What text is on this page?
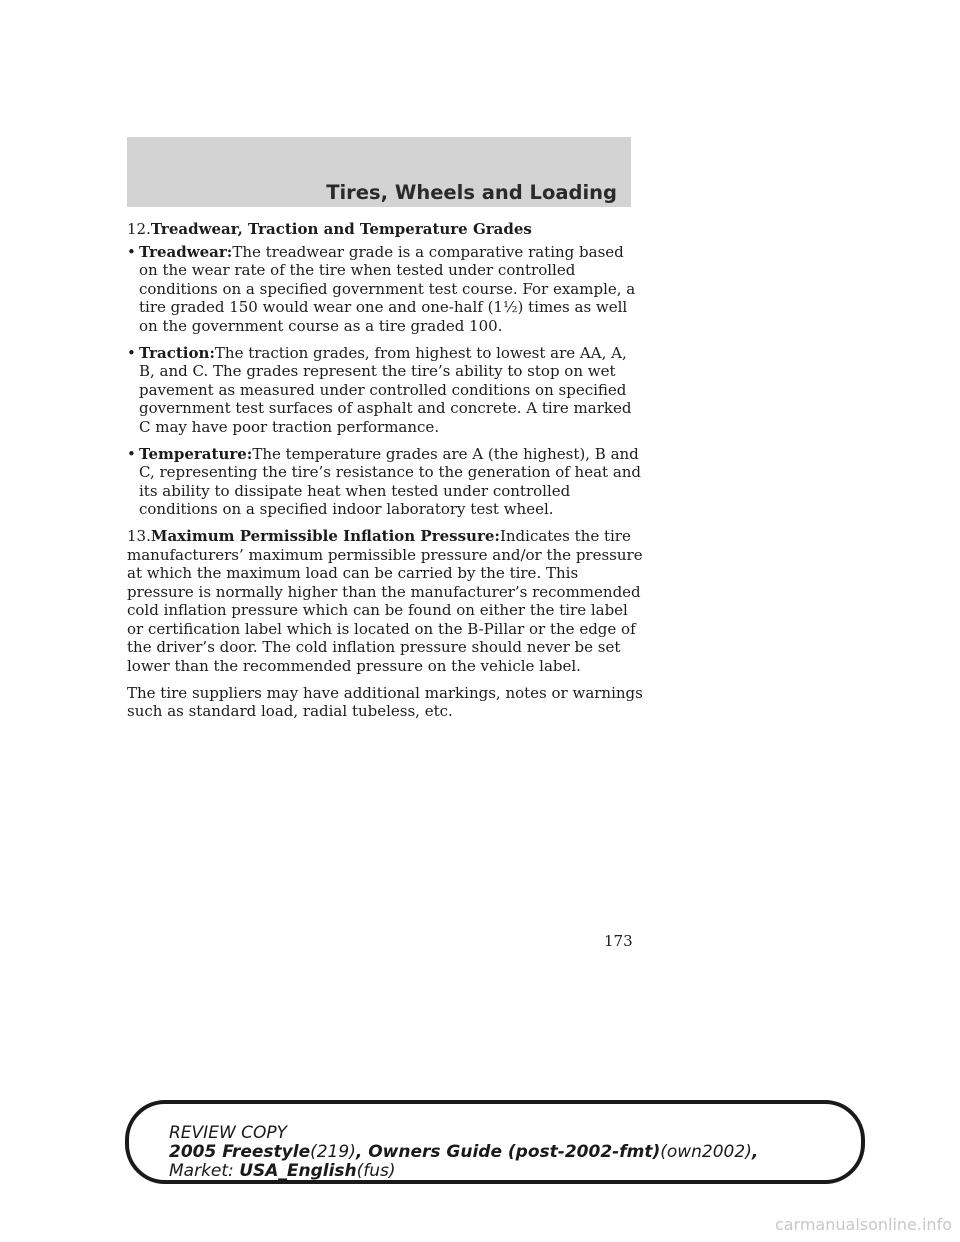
Tires, Wheels and Loading

12.Treadwear, Traction and Temperature Grades

• Treadwear:The treadwear grade is a comparative rating based on the wear rate of the tire when tested under controlled conditions on a specified government test course. For example, a tire graded 150 would wear one and one-half (1½) times as well on the government course as a tire graded 100.
• Traction:The traction grades, from highest to lowest are AA, A, B, and C. The grades represent the tire’s ability to stop on wet pavement as measured under controlled conditions on specified government test surfaces of asphalt and concrete. A tire marked C may have poor traction performance.
• Temperature:The temperature grades are A (the highest), B and C, representing the tire’s resistance to the generation of heat and its ability to dissipate heat when tested under controlled conditions on a specified indoor laboratory test wheel.

13.Maximum Permissible Inflation Pressure:Indicates the tire manufacturers’ maximum permissible pressure and/or the pressure at which the maximum load can be carried by the tire. This pressure is normally higher than the manufacturer’s recommended cold inflation pressure which can be found on either the tire label or certification label which is located on the B-Pillar or the edge of the driver’s door. The cold inflation pressure should never be set lower than the recommended pressure on the vehicle label.

The tire suppliers may have additional markings, notes or warnings such as standard load, radial tubeless, etc.

173
REVIEW COPY
2005 Freestyle(219), Owners Guide (post-2002-fmt)(own2002),
Market: USA_English(fus)
carmanualsonline.info
